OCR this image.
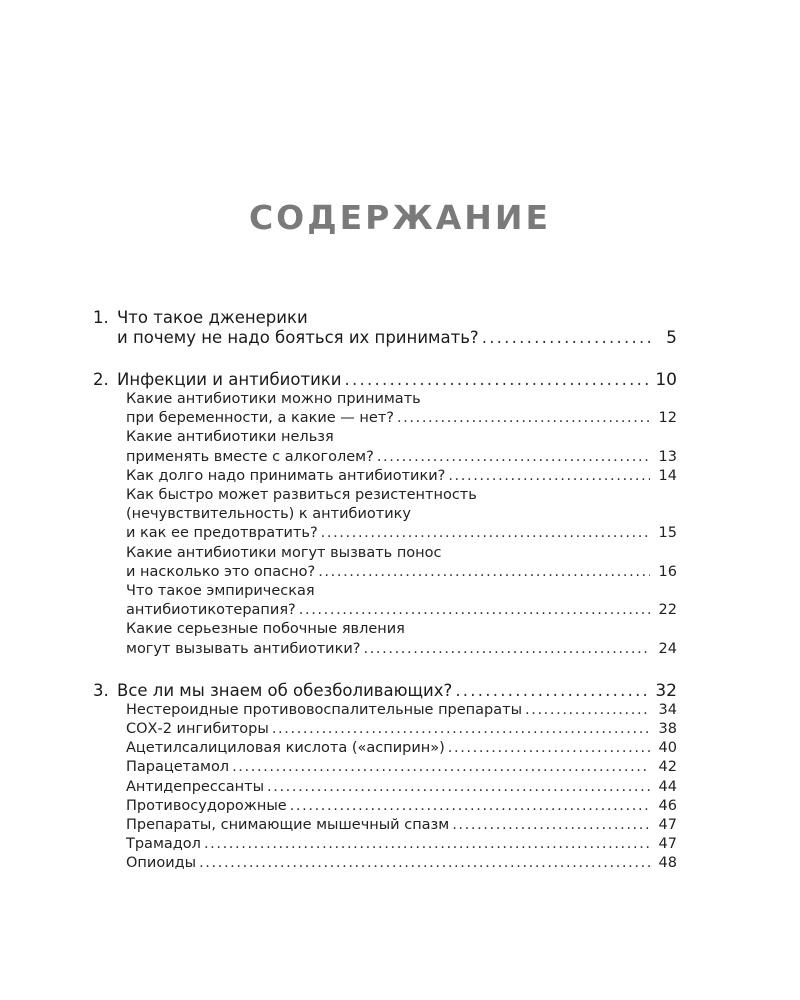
СОДЕРЖАНИЕ
1. Что такое дженерики
и почему не надо бояться их принимать? . . .	5
2. Инфекции и антибиотики . . .	10
Какие антибиотики можно принимать
при беременности, а какие — нет? . . .	12
Какие антибиотики нельзя
применять вместе с алкоголем? . . .	13
Как долго надо принимать антибиотики? . . .	14
Как быстро может развиться резистентность
(нечувствительность) к антибиотику
и как ее предотвратить? . . .	15
Какие антибиотики могут вызвать понос
и насколько это опасно? . . .	16
Что такое эмпирическая
антибиотикотерапия? . . .	22
Какие серьезные побочные явления
могут вызывать антибиотики? . . .	24
3. Все ли мы знаем об обезболивающих? . . .	32
Нестероидные противовоспалительные препараты . . .	34
СОХ-2 ингибиторы . . .	38
Ацетилсалициловая кислота («аспирин») . . .	40
Парацетамол . . .	42
Антидепрессанты . . .	44
Противосудорожные . . .	46
Препараты, снимающие мышечный спазм . . .	47
Трамадол . . .	47
Опиоиды . . .	48
